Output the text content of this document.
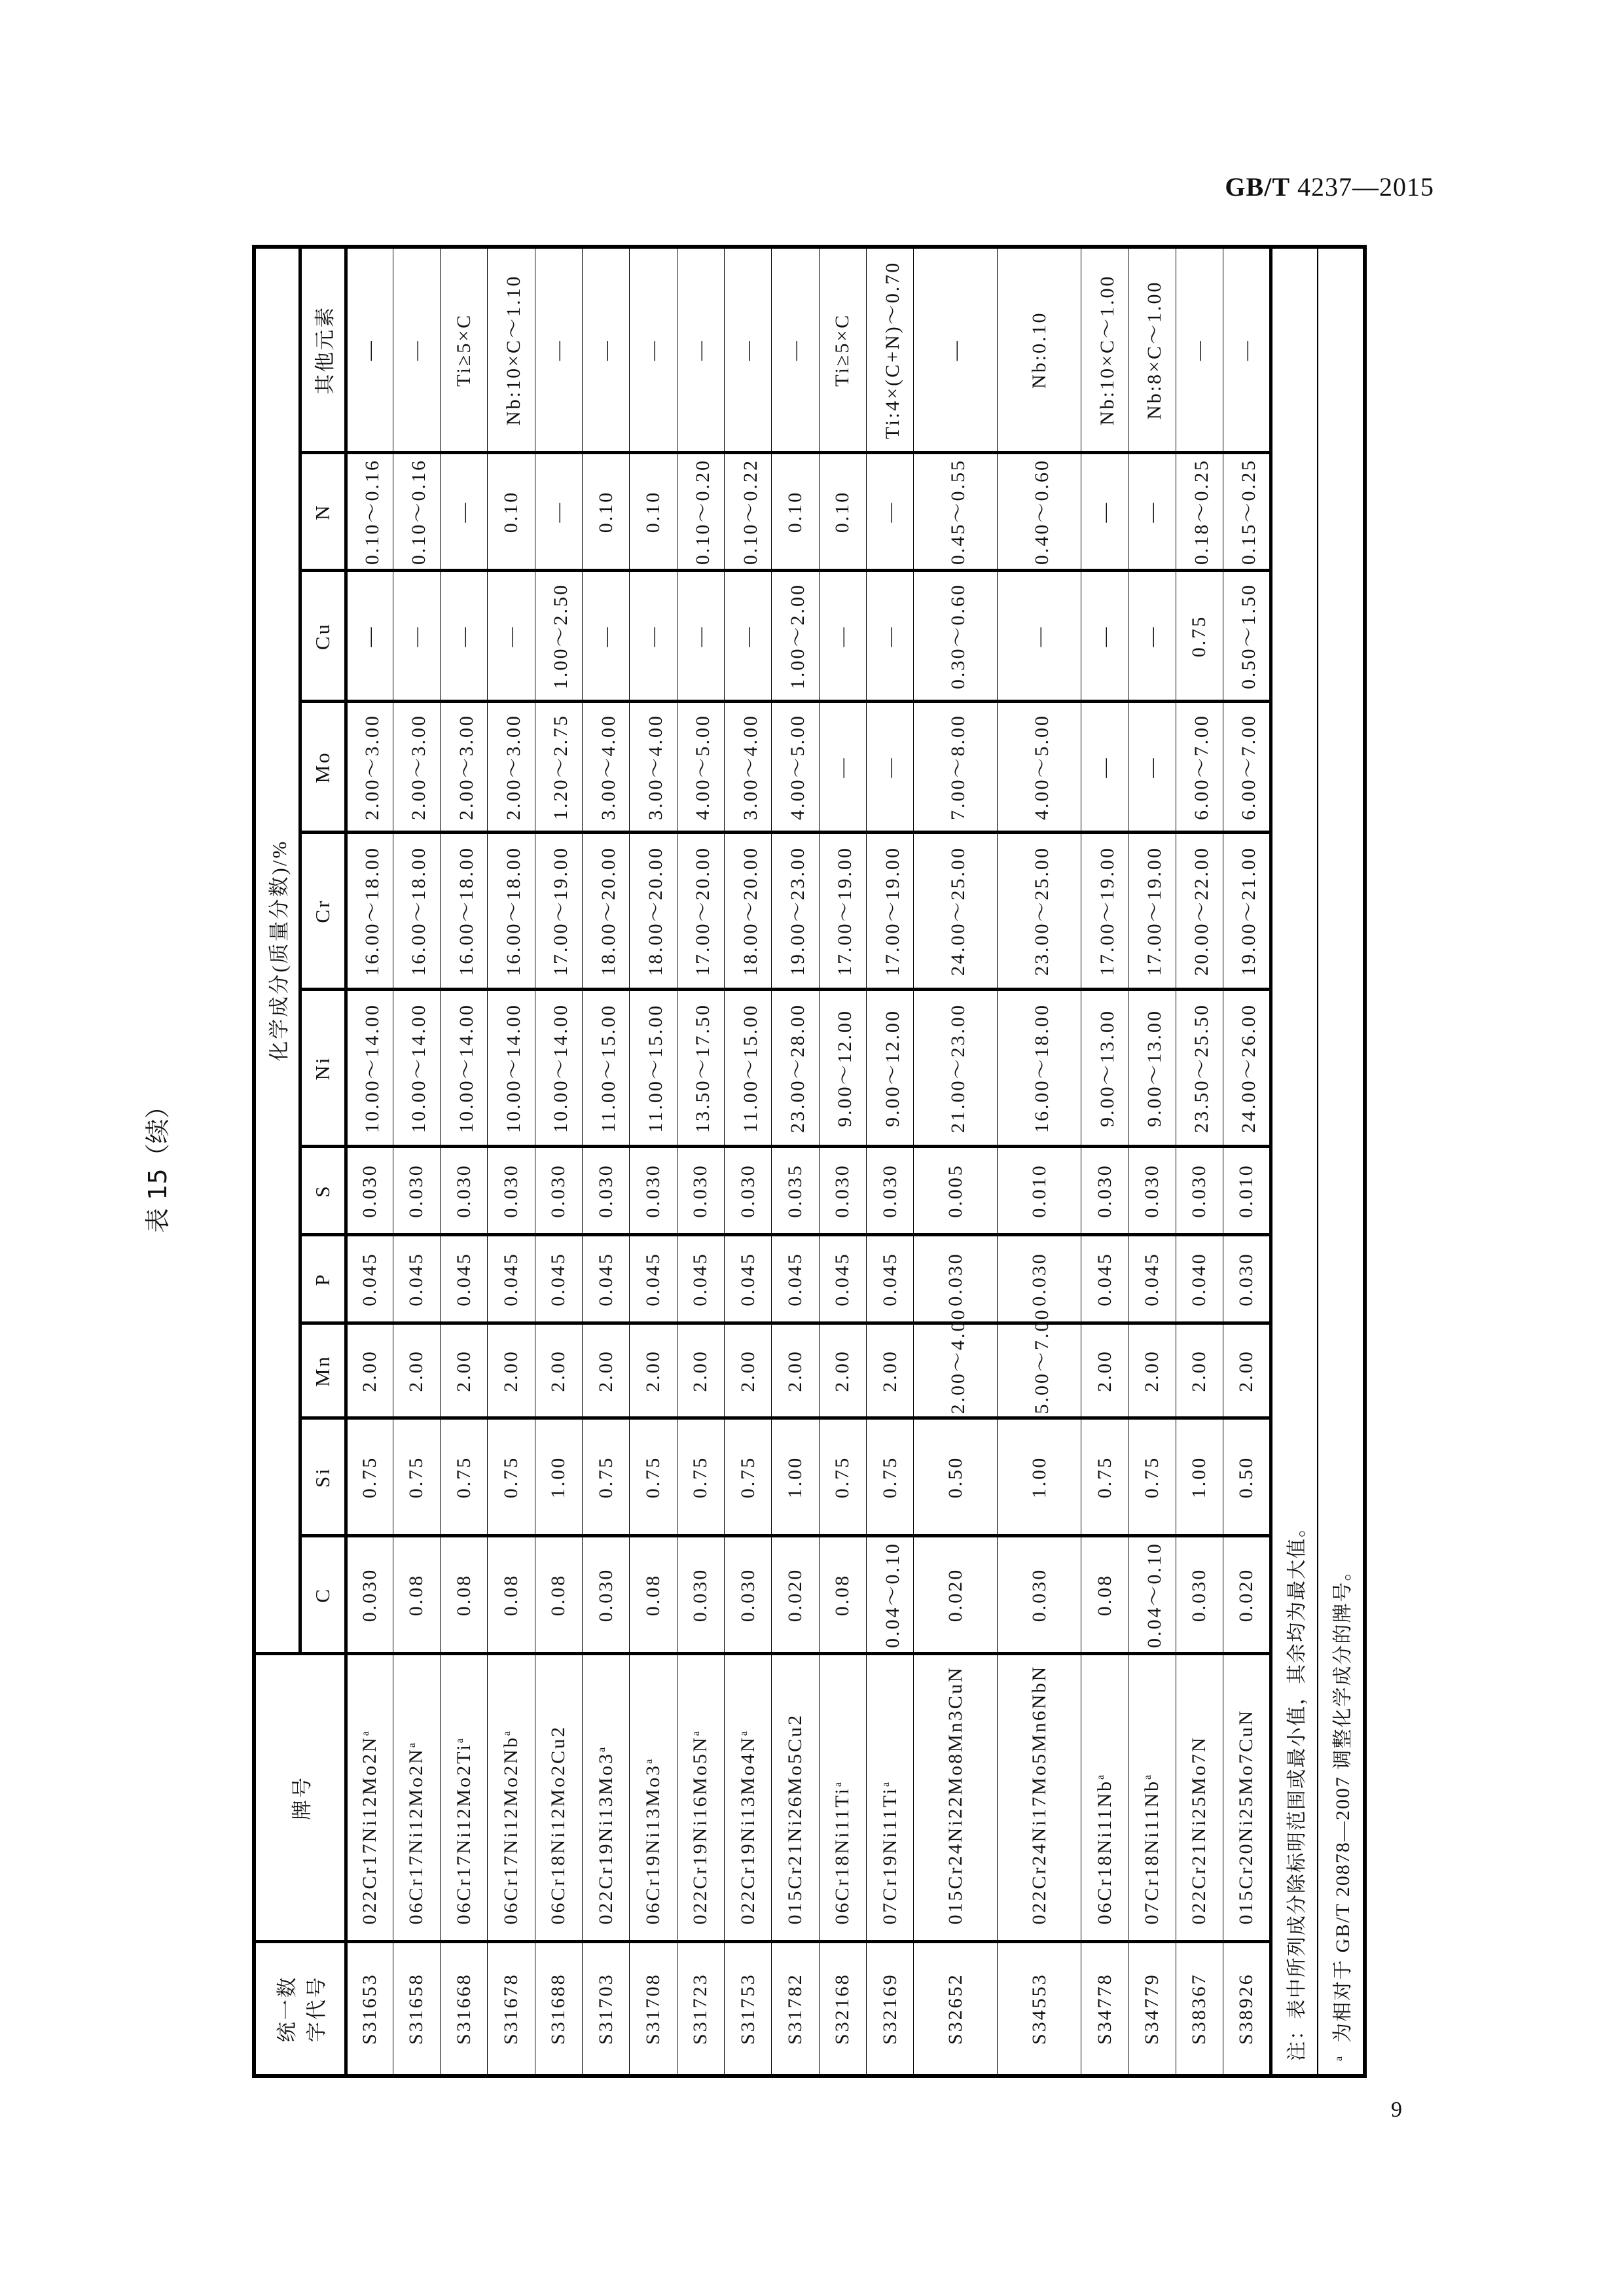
GB/T 4237—2015
表 15（续）
统一数 字代号	牌号	化学成分(质量分数)/%										
		C	Si	Mn	P	S	Ni	Cr	Mo	Cu	N	其他元素
S31653	$022Cr17Ni12Mo2N^a$	0.030	0.75	2.00	0.045	0.030	10.00～14.00	16.00～18.00	2.00～3.00	—	0.10～0.16	—
S31658	$06Cr17Ni12Mo2N^a$	0.08	0.75	2.00	0.045	0.030	10.00～14.00	16.00～18.00	2.00～3.00	—	0.10～0.16	—
S31668	06Cr17Ni12Mo2Ti$^a$	0.08	0.75	2.00	0.045	0.030	10.00～14.00	16.00～18.00	2.00～3.00	—	—	Ti≥5×C
S31678	06Cr17Ni12Mo2Nb$^a$	0.08	0.75	2.00	0.045	0.030	10.00～14.00	16.00～18.00	2.00～3.00	—	0.10	Nb:10×C～1.10
S31688	06Cr18Ni12Mo2Cu2	0.08	1.00	2.00	0.045	0.030	10.00～14.00	17.00～19.00	1.20～2.75	1.00～2.50	—	—
S31703	022Cr19Ni13Mo3$^a$	0.030	0.75	2.00	0.045	0.030	11.00～15.00	18.00～20.00	3.00～4.00	—	0.10	—
S31708	06Cr19Ni13Mo3$^a$	0.08	0.75	2.00	0.045	0.030	11.00～15.00	18.00～20.00	3.00～4.00	—	0.10	—
S31723	$022Cr19Ni16Mo5N^a$	0.030	0.75	2.00	0.045	0.030	13.50～17.50	17.00～20.00	4.00～5.00	—	0.10～0.20	—
S31753	$022Cr19Ni13Mo4N^a$	0.030	0.75	2.00	0.045	0.030	11.00～15.00	18.00～20.00	3.00～4.00	—	0.10～0.22	—
S31782	015Cr21Ni26Mo5Cu2	0.020	1.00	2.00	0.045	0.035	23.00～28.00	19.00～23.00	4.00～5.00	1.00～2.00	0.10	—
S32168	06Cr18Ni11Ti$^a$	0.08	0.75	2.00	0.045	0.030	9.00～12.00	17.00～19.00	—	—	0.10	Ti≥5×C
S32169	07Cr19Ni11Ti$^a$	0.04～0.10	0.75	2.00	0.045	0.030	9.00～12.00	17.00～19.00	—	—	—	Ti:4×(C+N)～0.70
S32652	015Cr24Ni22Mo8Mn3CuN	0.020	0.50	2.00～4.00	0.030	0.005	21.00～23.00	24.00～25.00	7.00～8.00	0.30～0.60	0.45～0.55	—
S34553	022Cr24Ni17Mo5Mn6NbN	0.030	1.00	5.00～7.00	0.030	0.010	16.00～18.00	23.00～25.00	4.00～5.00	—	0.40～0.60	Nb:0.10
S34778	06Cr18Ni11Nb$^a$	0.08	0.75	2.00	0.045	0.030	9.00～13.00	17.00～19.00	—	—	—	Nb:10×C～1.00
S34779	07Cr18Ni11Nb$^a$	0.04～0.10	0.75	2.00	0.045	0.030	9.00～13.00	17.00～19.00	—	—	—	Nb:8×C～1.00
S38367	022Cr21Ni25Mo7N	0.030	1.00	2.00	0.040	0.030	23.50～25.50	20.00～22.00	6.00～7.00	0.75	0.18～0.25	—
S38926	015Cr20Ni25Mo7CuN	0.020	0.50	2.00	0.030	0.010	24.00～26.00	19.00～21.00	6.00～7.00	0.50～1.50	0.15～0.25	—
注：表中所列成分除标明范围或最小值，其余均为最大值。												
$^a$  为相对于 GB/T 20878—2007 调整化学成分的牌号。												
9
